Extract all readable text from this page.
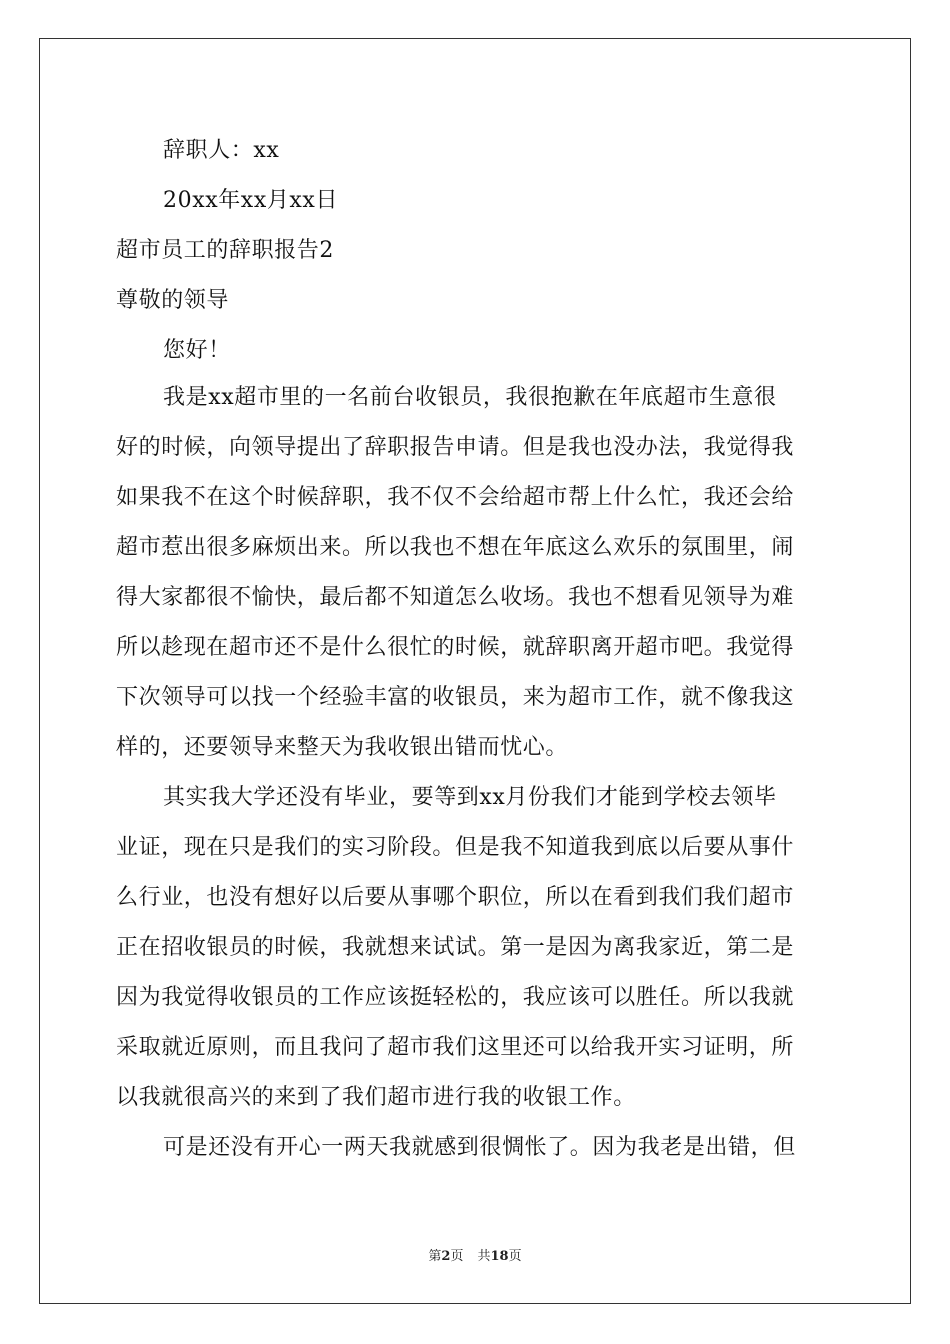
辞职人：xx
20xx年xx月xx日
超市员工的辞职报告2
尊敬的领导
您好！
我是xx超市里的一名前台收银员，我很抱歉在年底超市生意很
好的时候，向领导提出了辞职报告申请。但是我也没办法，我觉得我
如果我不在这个时候辞职，我不仅不会给超市帮上什么忙，我还会给
超市惹出很多麻烦出来。所以我也不想在年底这么欢乐的氛围里，闹
得大家都很不愉快，最后都不知道怎么收场。我也不想看见领导为难
所以趁现在超市还不是什么很忙的时候，就辞职离开超市吧。我觉得
下次领导可以找一个经验丰富的收银员，来为超市工作，就不像我这
样的，还要领导来整天为我收银出错而忧心。
其实我大学还没有毕业，要等到xx月份我们才能到学校去领毕
业证，现在只是我们的实习阶段。但是我不知道我到底以后要从事什
么行业，也没有想好以后要从事哪个职位，所以在看到我们我们超市
正在招收银员的时候，我就想来试试。第一是因为离我家近，第二是
因为我觉得收银员的工作应该挺轻松的，我应该可以胜任。所以我就
采取就近原则，而且我问了超市我们这里还可以给我开实习证明，所
以我就很高兴的来到了我们超市进行我的收银工作。
可是还没有开心一两天我就感到很惆怅了。因为我老是出错，但
第2页 共18页
